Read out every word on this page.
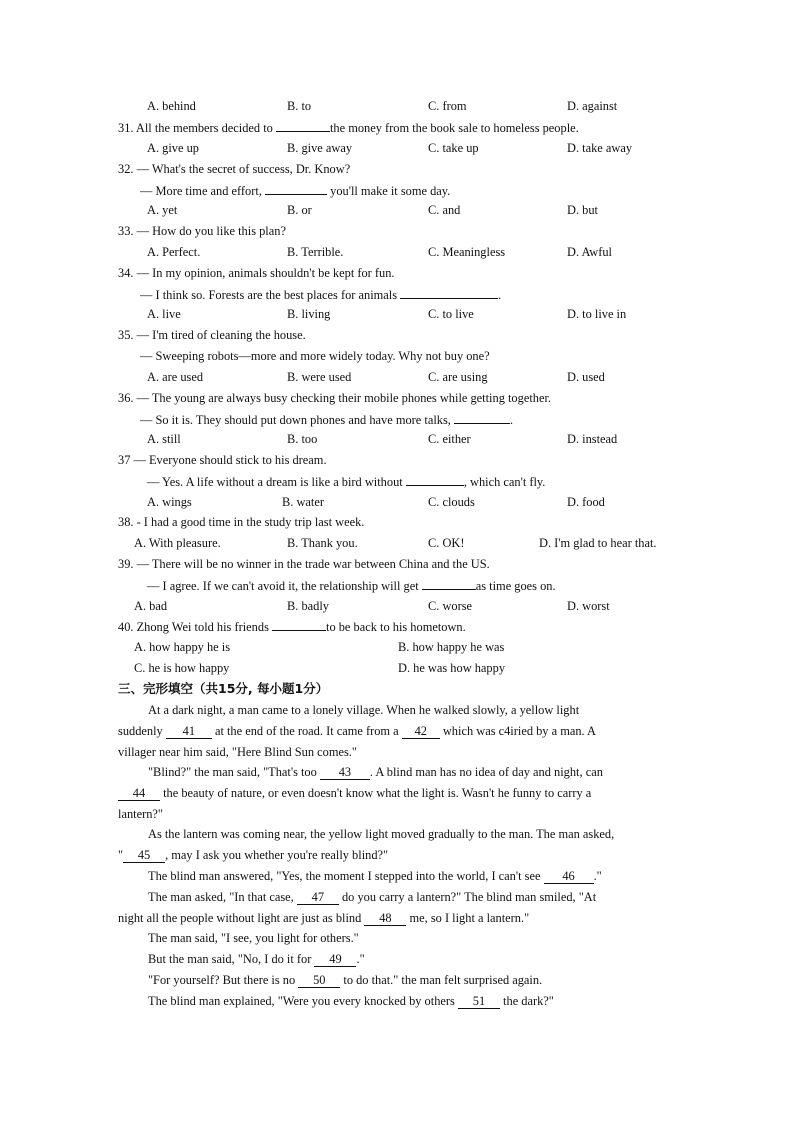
A. behind	B. to	C. from	D. against
31. All the members decided to	the money from the book sale to homeless people.
A. give up	B. give away	C. take up	D. take away
32. — What's the secret of success, Dr. Know?
— More time and effort,	you'll make it some day.
A. yet	B. or	C. and	D. but
33. — How do you like this plan?
A. Perfect.	B. Terrible.	C. Meaningless	D. Awful
34. — In my opinion, animals shouldn't be kept for fun.
— I think so. Forests are the best places for animals	.
A. live	B. living	C. to live	D. to live in
35. — I'm tired of cleaning the house.
— Sweeping robots—more and more widely today. Why not buy one?
A. are used	B. were used	C. are using	D. used
36. — The young are always busy checking their mobile phones while getting together.
— So it is. They should put down phones and have more talks,	.
A. still	B. too	C. either	D. instead
37 — Everyone should stick to his dream.
— Yes. A life without a dream is like a bird without	, which can't fly.
A. wings	B. water	C. clouds	D. food
38. - I had a good time in the study trip last week.
A. With pleasure.	B. Thank you.	C. OK!	D. I'm glad to hear that.
39. — There will be no winner in the trade war between China and the US.
— I agree. If we can't avoid it, the relationship will get	as time goes on.
A. bad	B. badly	C. worse	D. worst
40. Zhong Wei told his friends	to be back to his hometown.
A. how happy he is	B. how happy he was
C. he is how happy	D. he was how happy
三、完形填空（共15分, 每小题1分）
At a dark night, a man came to a lonely village. When he walked slowly, a yellow light
suddenly 41 at the end of the road. It came from a 42 which was c4iried by a man. A
villager near him said, "Here Blind Sun comes."
"Blind?" the man said, "That's too 43 . A blind man has no idea of day and night, can
44 the beauty of nature, or even doesn't know what the light is. Wasn't he funny to carry a
lantern?"
As the lantern was coming near, the yellow light moved gradually to the man. The man asked,
" 45 , may I ask you whether you're really blind?"
The blind man answered, "Yes, the moment I stepped into the world, I can't see 46 ."
The man asked, "In that case, 47 do you carry a lantern?" The blind man smiled, "At
night all the people without light are just as blind 48 me, so I light a lantern."
The man said, "I see, you light for others."
But the man said, "No, I do it for 49 ."
"For yourself? But there is no 50 to do that." the man felt surprised again.
The blind man explained, "Were you every knocked by others 51 the dark?"
